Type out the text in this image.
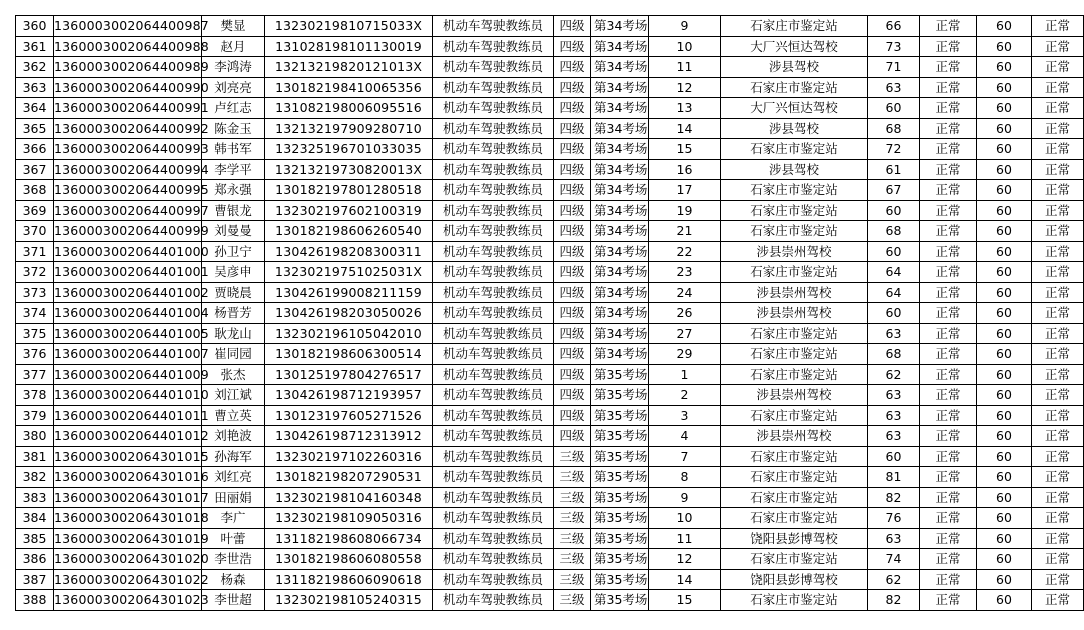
360	1360003002064400987	樊显	13230219810715033X	机动车驾驶教练员	四级	第34考场	9	石家庄市鉴定站	66	正常	60	正常
361	1360003002064400988	赵月	131028198101130019	机动车驾驶教练员	四级	第34考场	10	大厂兴恒达驾校	73	正常	60	正常
362	1360003002064400989	李鸿涛	13213219820121013X	机动车驾驶教练员	四级	第34考场	11	涉县驾校	71	正常	60	正常
363	1360003002064400990	刘亮亮	130182198410065356	机动车驾驶教练员	四级	第34考场	12	石家庄市鉴定站	63	正常	60	正常
364	1360003002064400991	卢红志	131082198006095516	机动车驾驶教练员	四级	第34考场	13	大厂兴恒达驾校	60	正常	60	正常
365	1360003002064400992	陈金玉	132132197909280710	机动车驾驶教练员	四级	第34考场	14	涉县驾校	68	正常	60	正常
366	1360003002064400993	韩书军	132325196701033035	机动车驾驶教练员	四级	第34考场	15	石家庄市鉴定站	72	正常	60	正常
367	1360003002064400994	李学平	13213219730820013X	机动车驾驶教练员	四级	第34考场	16	涉县驾校	61	正常	60	正常
368	1360003002064400995	郑永强	130182197801280518	机动车驾驶教练员	四级	第34考场	17	石家庄市鉴定站	67	正常	60	正常
369	1360003002064400997	曹银龙	132302197602100319	机动车驾驶教练员	四级	第34考场	19	石家庄市鉴定站	60	正常	60	正常
370	1360003002064400999	刘曼曼	130182198606260540	机动车驾驶教练员	四级	第34考场	21	石家庄市鉴定站	68	正常	60	正常
371	1360003002064401000	孙卫宁	130426198208300311	机动车驾驶教练员	四级	第34考场	22	涉县崇州驾校	60	正常	60	正常
372	1360003002064401001	吴彦申	13230219751025031X	机动车驾驶教练员	四级	第34考场	23	石家庄市鉴定站	64	正常	60	正常
373	1360003002064401002	贾晓晨	130426199008211159	机动车驾驶教练员	四级	第34考场	24	涉县崇州驾校	64	正常	60	正常
374	1360003002064401004	杨晋芳	130426198203050026	机动车驾驶教练员	四级	第34考场	26	涉县崇州驾校	60	正常	60	正常
375	1360003002064401005	耿龙山	132302196105042010	机动车驾驶教练员	四级	第34考场	27	石家庄市鉴定站	63	正常	60	正常
376	1360003002064401007	崔同园	130182198606300514	机动车驾驶教练员	四级	第34考场	29	石家庄市鉴定站	68	正常	60	正常
377	1360003002064401009	张杰	130125197804276517	机动车驾驶教练员	四级	第35考场	1	石家庄市鉴定站	62	正常	60	正常
378	1360003002064401010	刘江斌	130426198712193957	机动车驾驶教练员	四级	第35考场	2	涉县崇州驾校	63	正常	60	正常
379	1360003002064401011	曹立英	130123197605271526	机动车驾驶教练员	四级	第35考场	3	石家庄市鉴定站	63	正常	60	正常
380	1360003002064401012	刘艳波	130426198712313912	机动车驾驶教练员	四级	第35考场	4	涉县崇州驾校	63	正常	60	正常
381	1360003002064301015	孙海军	132302197102260316	机动车驾驶教练员	三级	第35考场	7	石家庄市鉴定站	60	正常	60	正常
382	1360003002064301016	刘红亮	130182198207290531	机动车驾驶教练员	三级	第35考场	8	石家庄市鉴定站	81	正常	60	正常
383	1360003002064301017	田丽娟	132302198104160348	机动车驾驶教练员	三级	第35考场	9	石家庄市鉴定站	82	正常	60	正常
384	1360003002064301018	李广	132302198109050316	机动车驾驶教练员	三级	第35考场	10	石家庄市鉴定站	76	正常	60	正常
385	1360003002064301019	叶蕾	131182198608066734	机动车驾驶教练员	三级	第35考场	11	饶阳县彭博驾校	63	正常	60	正常
386	1360003002064301020	李世浩	130182198606080558	机动车驾驶教练员	三级	第35考场	12	石家庄市鉴定站	74	正常	60	正常
387	1360003002064301022	杨森	131182198606090618	机动车驾驶教练员	三级	第35考场	14	饶阳县彭博驾校	62	正常	60	正常
388	1360003002064301023	李世超	132302198105240315	机动车驾驶教练员	三级	第35考场	15	石家庄市鉴定站	82	正常	60	正常
